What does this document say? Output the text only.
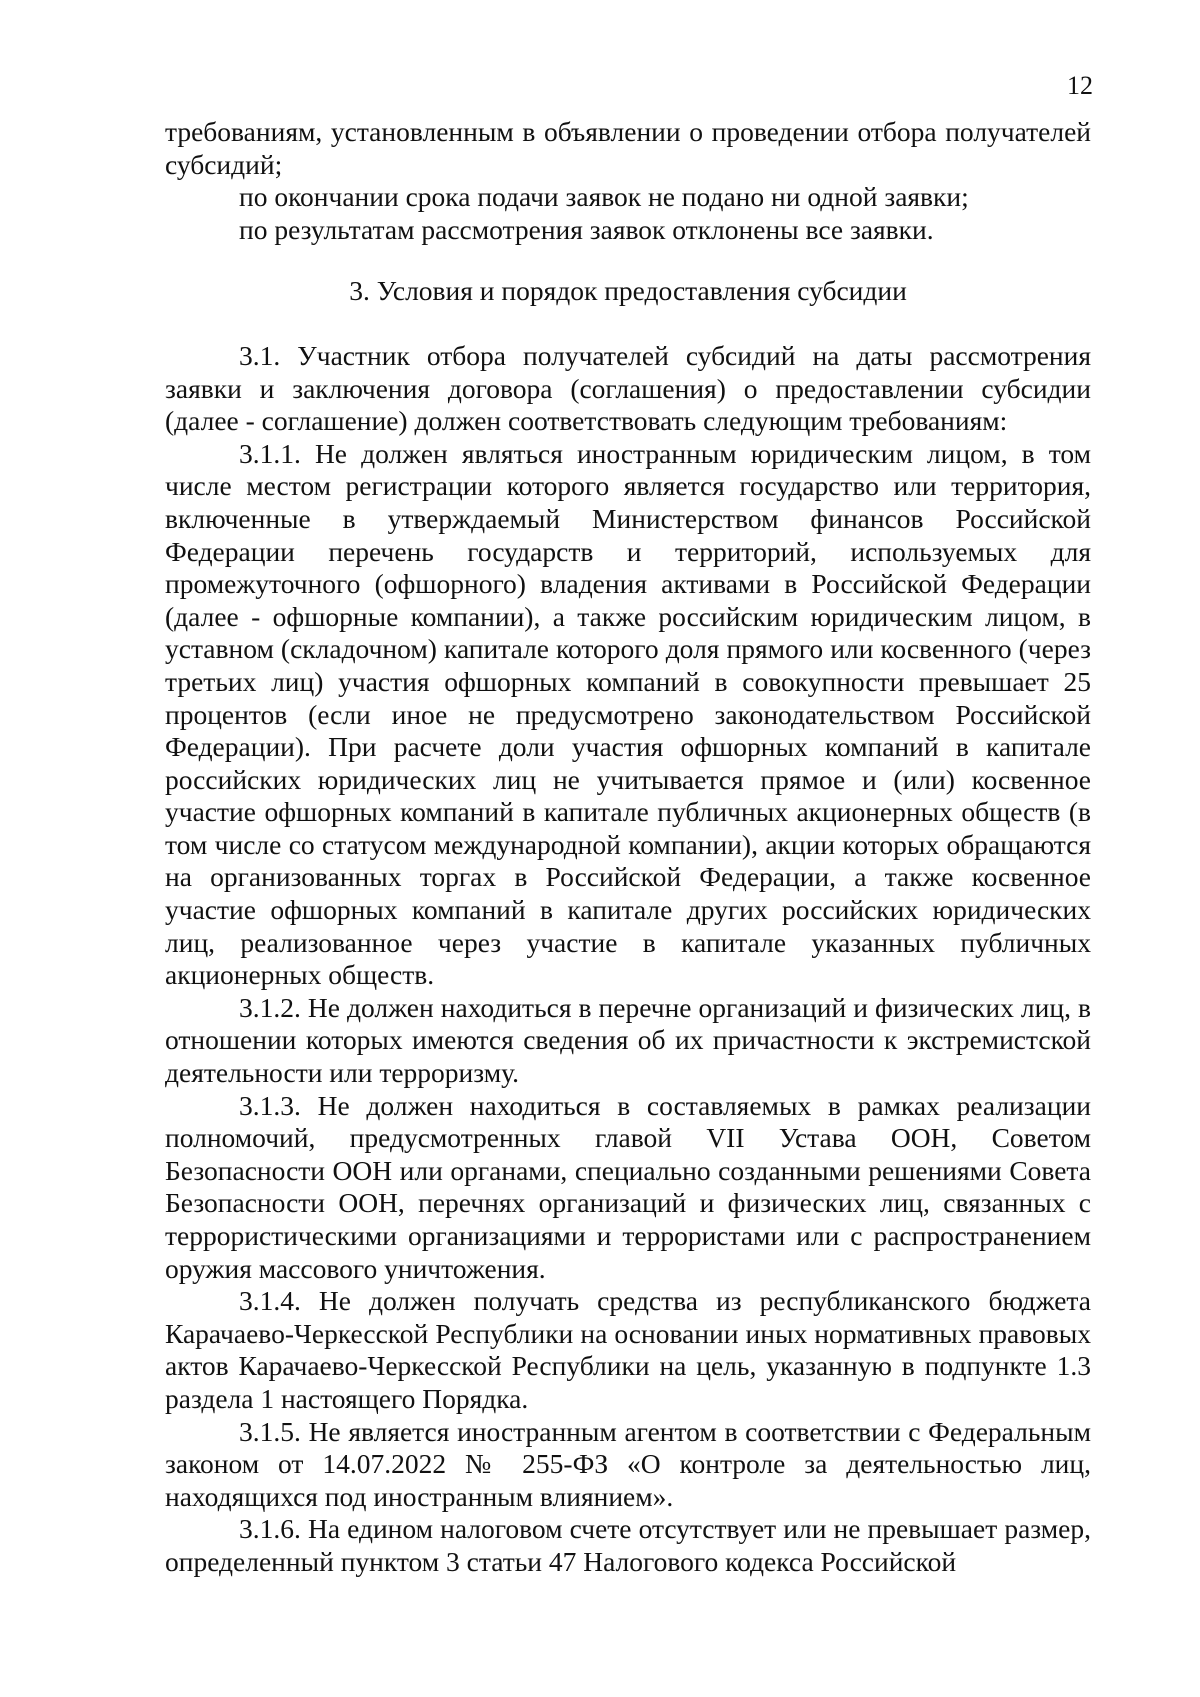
12

требованиям, установленным в объявлении о проведении отбора получателей субсидий;

по окончании срока подачи заявок не подано ни одной заявки;

по результатам рассмотрения заявок отклонены все заявки.

3. Условия и порядок предоставления субсидии

3.1. Участник отбора получателей субсидий на даты рассмотрения заявки и заключения договора (соглашения) о предоставлении субсидии (далее - соглашение) должен соответствовать следующим требованиям:

3.1.1. Не должен являться иностранным юридическим лицом, в том числе местом регистрации которого является государство или территория, включенные в утверждаемый Министерством финансов Российской Федерации перечень государств и территорий, используемых для промежуточного (офшорного) владения активами в Российской Федерации (далее - офшорные компании), а также российским юридическим лицом, в уставном (складочном) капитале которого доля прямого или косвенного (через третьих лиц) участия офшорных компаний в совокупности превышает 25 процентов (если иное не предусмотрено законодательством Российской Федерации). При расчете доли участия офшорных компаний в капитале российских юридических лиц не учитывается прямое и (или) косвенное участие офшорных компаний в капитале публичных акционерных обществ (в том числе со статусом международной компании), акции которых обращаются на организованных торгах в Российской Федерации, а также косвенное участие офшорных компаний в капитале других российских юридических лиц, реализованное через участие в капитале указанных публичных акционерных обществ.

3.1.2. Не должен находиться в перечне организаций и физических лиц, в отношении которых имеются сведения об их причастности к экстремистской деятельности или терроризму.

3.1.3. Не должен находиться в составляемых в рамках реализации полномочий, предусмотренных главой VII Устава ООН, Советом Безопасности ООН или органами, специально созданными решениями Совета Безопасности ООН, перечнях организаций и физических лиц, связанных с террористическими организациями и террористами или с распространением оружия массового уничтожения.

3.1.4. Не должен получать средства из республиканского бюджета Карачаево-Черкесской Республики на основании иных нормативных правовых актов Карачаево-Черкесской Республики на цель, указанную в подпункте 1.3 раздела 1 настоящего Порядка.

3.1.5. Не является иностранным агентом в соответствии с Федеральным законом от 14.07.2022 № 255-ФЗ «О контроле за деятельностью лиц, находящихся под иностранным влиянием».

3.1.6. На едином налоговом счете отсутствует или не превышает размер, определенный пунктом 3 статьи 47 Налогового кодекса Российской
